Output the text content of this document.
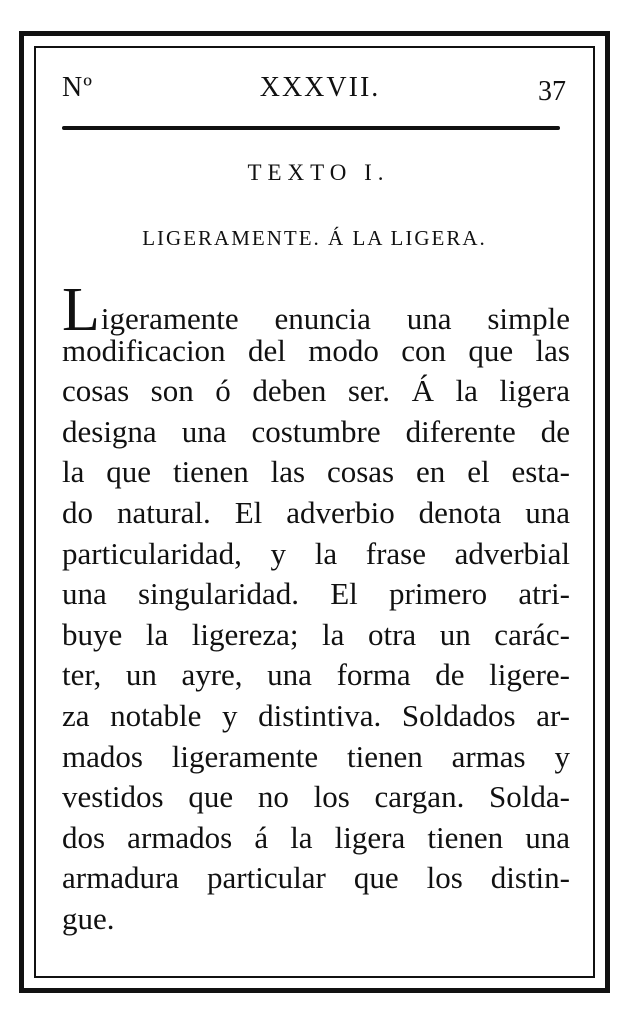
Nº	XXXVII.	37
TEXTO I.
LIGERAMENTE. Á LA LIGERA.
Ligeramente enuncia una simple
modificacion del modo con que las
cosas son ó deben ser. Á la ligera
designa una costumbre diferente de
la que tienen las cosas en el esta-
do natural. El adverbio denota una
particularidad, y la frase adverbial
una singularidad. El primero atri-
buye la ligereza; la otra un carác-
ter, un ayre, una forma de ligere-
za notable y distintiva. Soldados ar-
mados ligeramente tienen armas y
vestidos que no los cargan. Solda-
dos armados á la ligera tienen una
armadura particular que los distin-
gue.
